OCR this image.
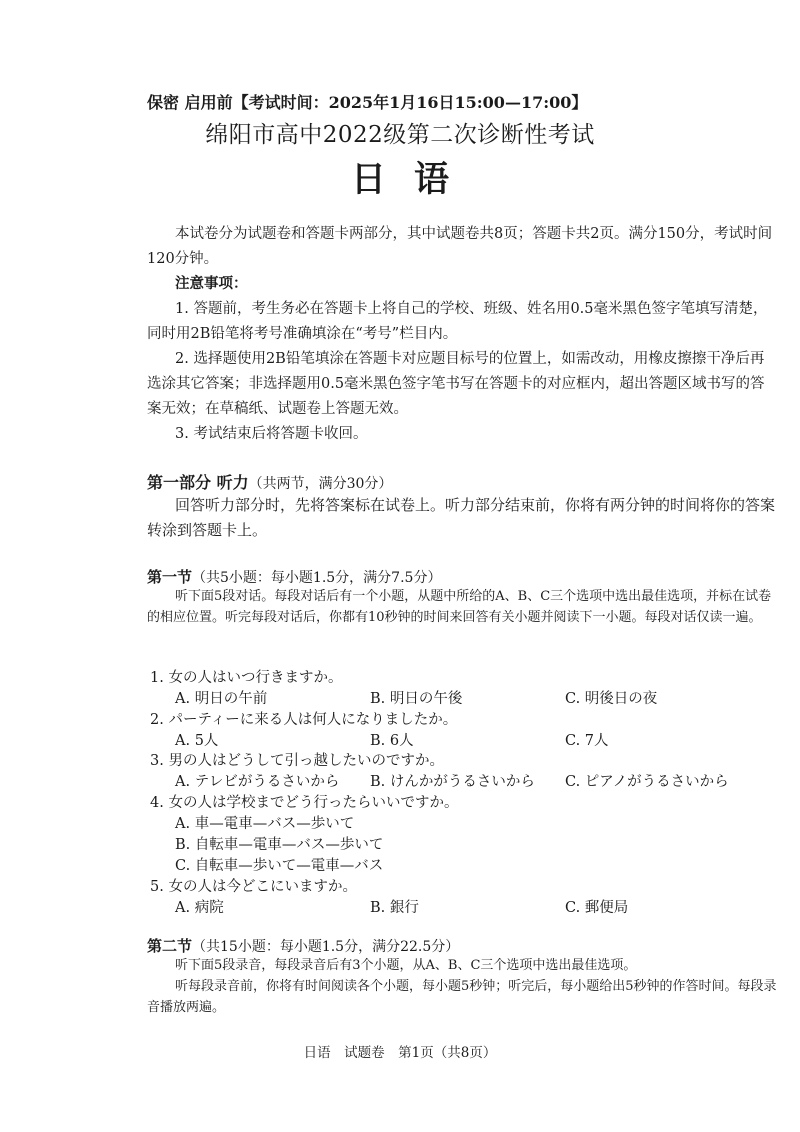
保密 启用前【考试时间：2025年1月16日15:00—17:00】
绵阳市高中2022级第二次诊断性考试
日语
本试卷分为试题卷和答题卡两部分，其中试题卷共8页；答题卡共2页。满分150分，考试时间120分钟。
注意事项：
1. 答题前，考生务必在答题卡上将自己的学校、班级、姓名用0.5毫米黑色签字笔填写清楚，同时用2B铅笔将考号准确填涂在“考号”栏目内。
2. 选择题使用2B铅笔填涂在答题卡对应题目标号的位置上，如需改动，用橡皮擦擦干净后再选涂其它答案；非选择题用0.5毫米黑色签字笔书写在答题卡的对应框内，超出答题区域书写的答案无效；在草稿纸、试题卷上答题无效。
3. 考试结束后将答题卡收回。
第一部分 听力（共两节，满分30分）
回答听力部分时，先将答案标在试卷上。听力部分结束前，你将有两分钟的时间将你的答案转涂到答题卡上。
第一节（共5小题：每小题1.5分，满分7.5分）
听下面5段对话。每段对话后有一个小题，从题中所给的A、B、C三个选项中选出最佳选项，并标在试卷的相应位置。听完每段对话后，你都有10秒钟的时间来回答有关小题并阅读下一小题。每段对话仅读一遍。
1. 女の人はいつ行きますか。
A. 明日の午前	B. 明日の午後	C. 明後日の夜
2. パーティーに来る人は何人になりましたか。
A. 5人	B. 6人	C. 7人
3. 男の人はどうして引っ越したいのですか。
A. テレビがうるさいから B. けんかがうるさいから C. ピアノがうるさいから
4. 女の人は学校までどう行ったらいいですか。
A. 車—電車—バス—歩いて
B. 自転車—電車—バス—歩いて
C. 自転車—歩いて—電車—バス
5. 女の人は今どこにいますか。
A. 病院	B. 銀行	C. 郵便局
第二节（共15小题：每小题1.5分，满分22.5分）
听下面5段录音，每段录音后有3个小题，从A、B、C三个选项中选出最佳选项。
听每段录音前，你将有时间阅读各个小题，每小题5秒钟；听完后，每小题给出5秒钟的作答时间。每段录音播放两遍。
日语　试题卷　第1页（共8页）
